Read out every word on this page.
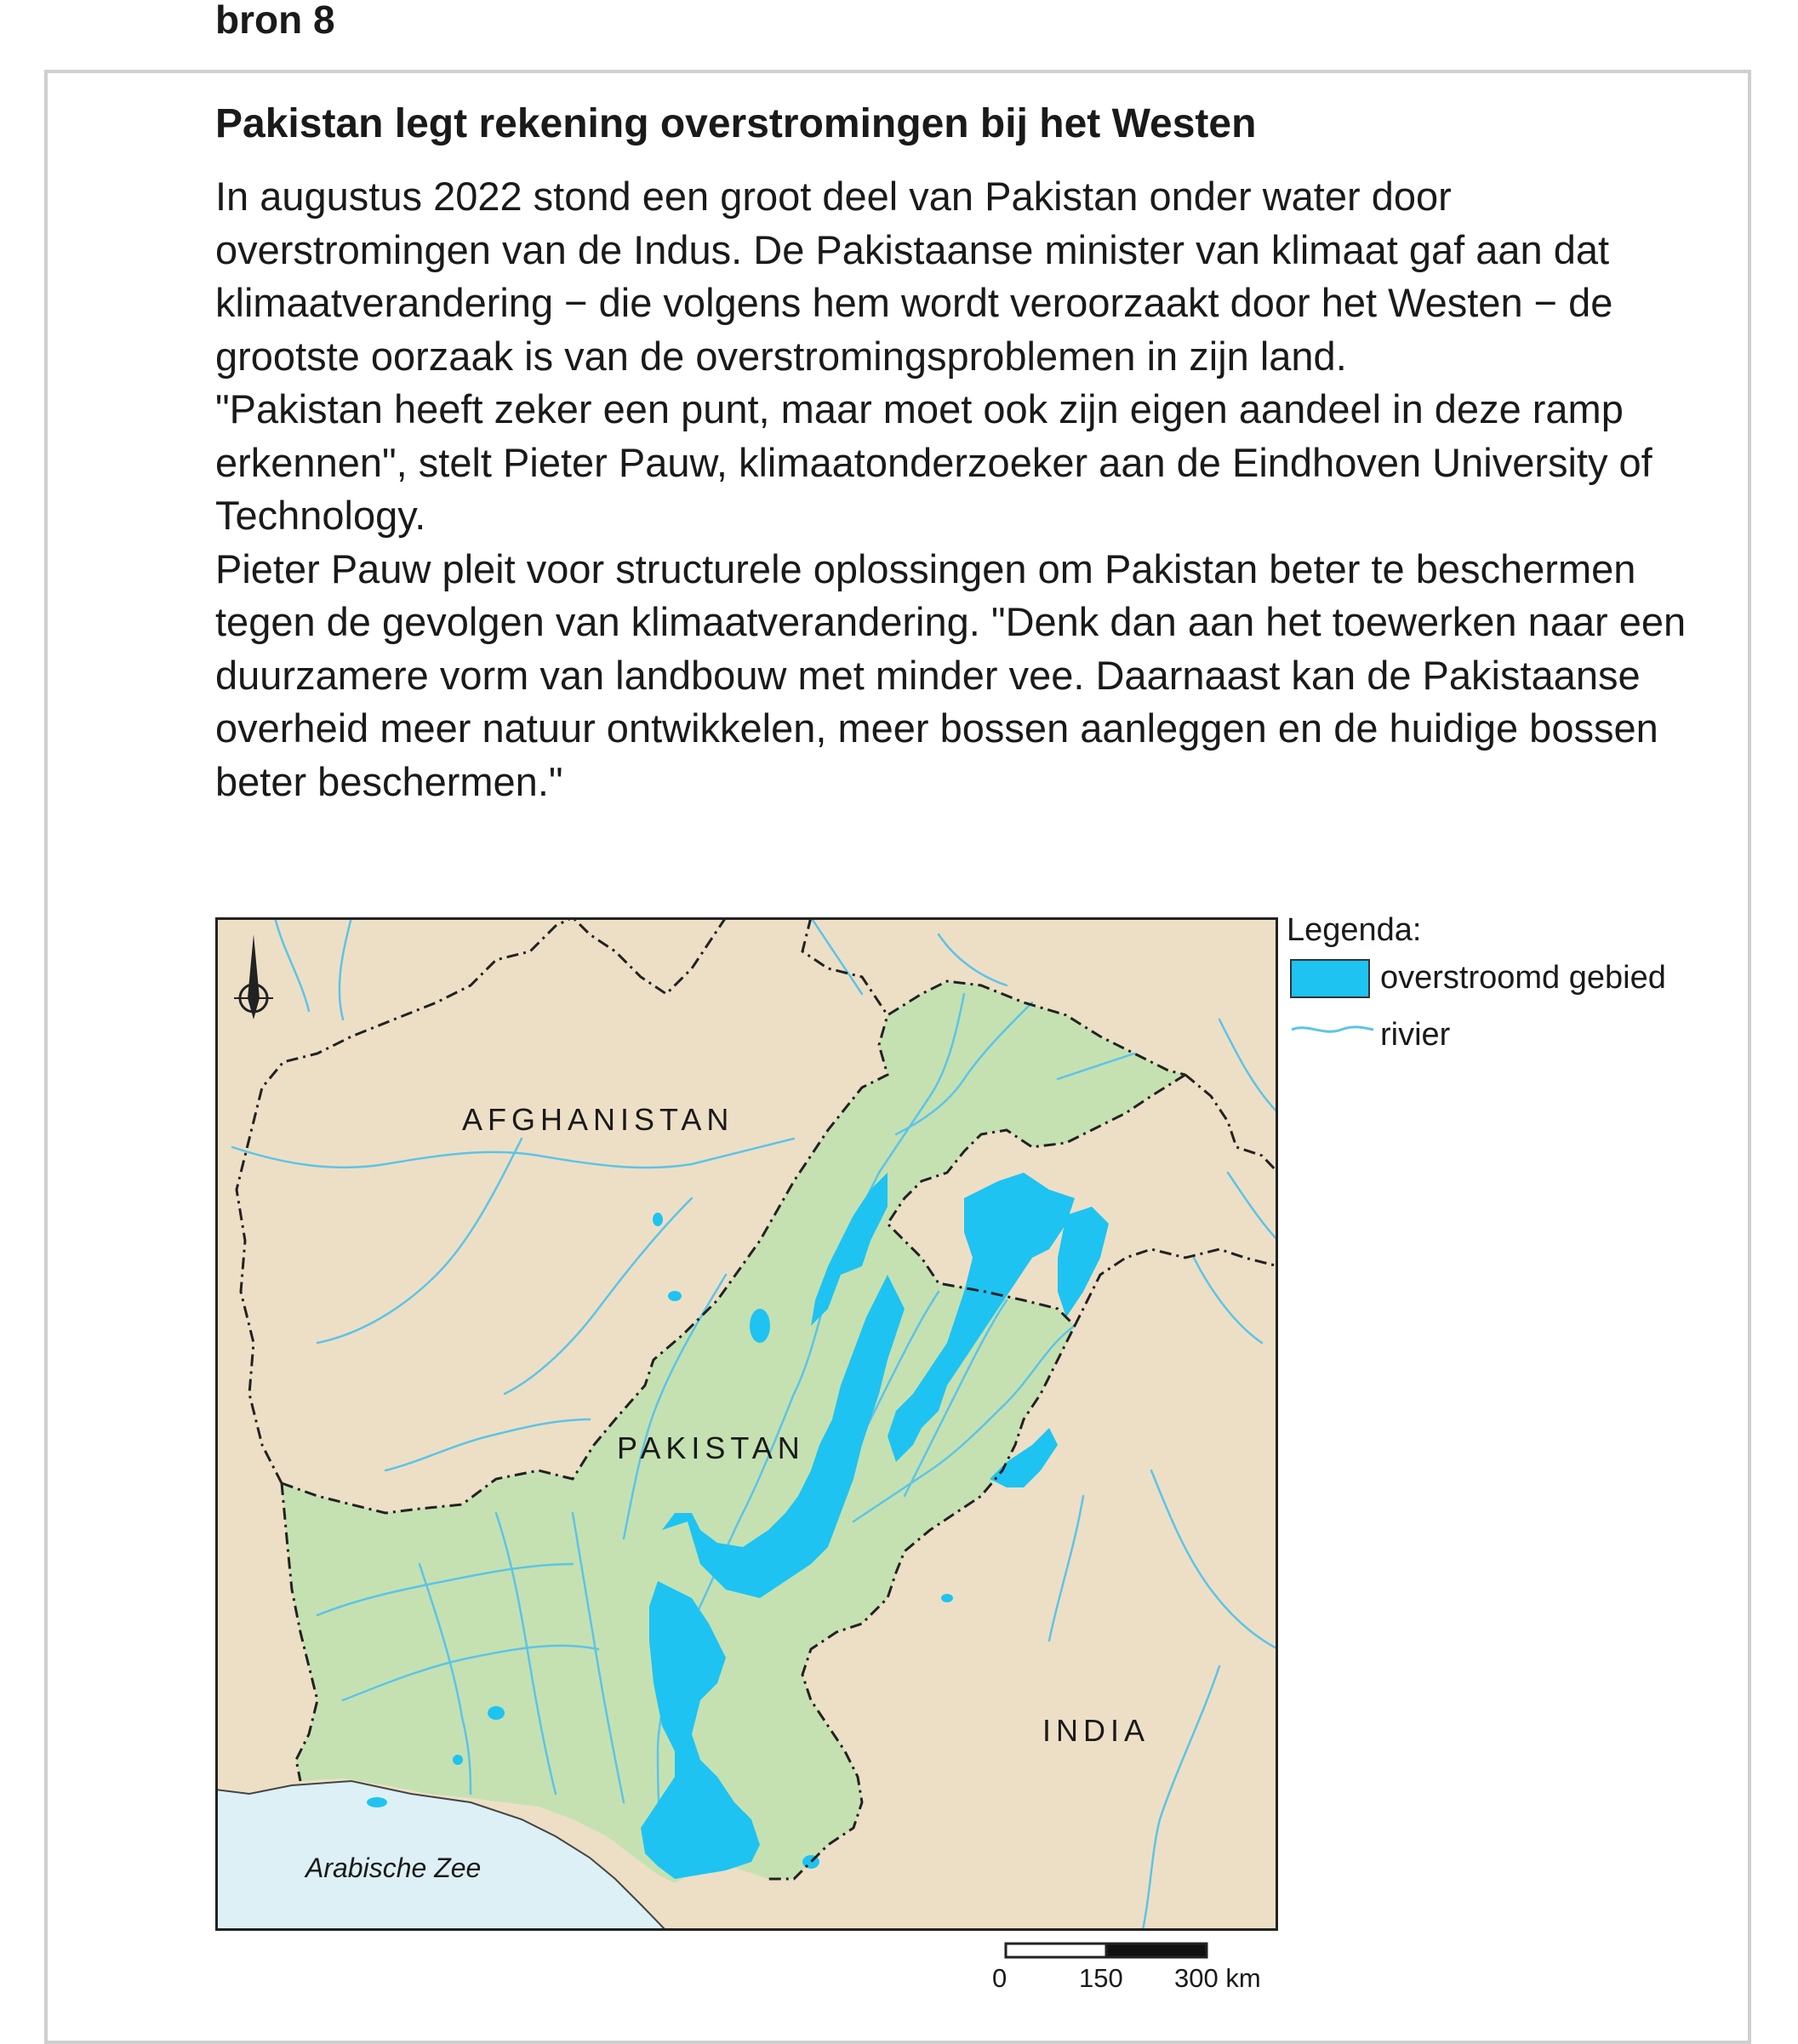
bron 8
Pakistan legt rekening overstromingen bij het Westen

In augustus 2022 stond een groot deel van Pakistan onder water door overstromingen van de Indus. De Pakistaanse minister van klimaat gaf aan dat klimaatverandering − die volgens hem wordt veroorzaakt door het Westen − de grootste oorzaak is van de overstromingsproblemen in zijn land.

"Pakistan heeft zeker een punt, maar moet ook zijn eigen aandeel in deze ramp erkennen", stelt Pieter Pauw, klimaatonderzoeker aan de Eindhoven University of Technology.

Pieter Pauw pleit voor structurele oplossingen om Pakistan beter te beschermen tegen de gevolgen van klimaatverandering. "Denk dan aan het toewerken naar een duurzamere vorm van landbouw met minder vee. Daarnaast kan de Pakistaanse overheid meer natuur ontwikkelen, meer bossen aanleggen en de huidige bossen beter beschermen."

AFGHANISTAN
PAKISTAN
INDIA
Arabische Zee
Legenda:
overstroomd gebied
rivier
0	150 300 km
